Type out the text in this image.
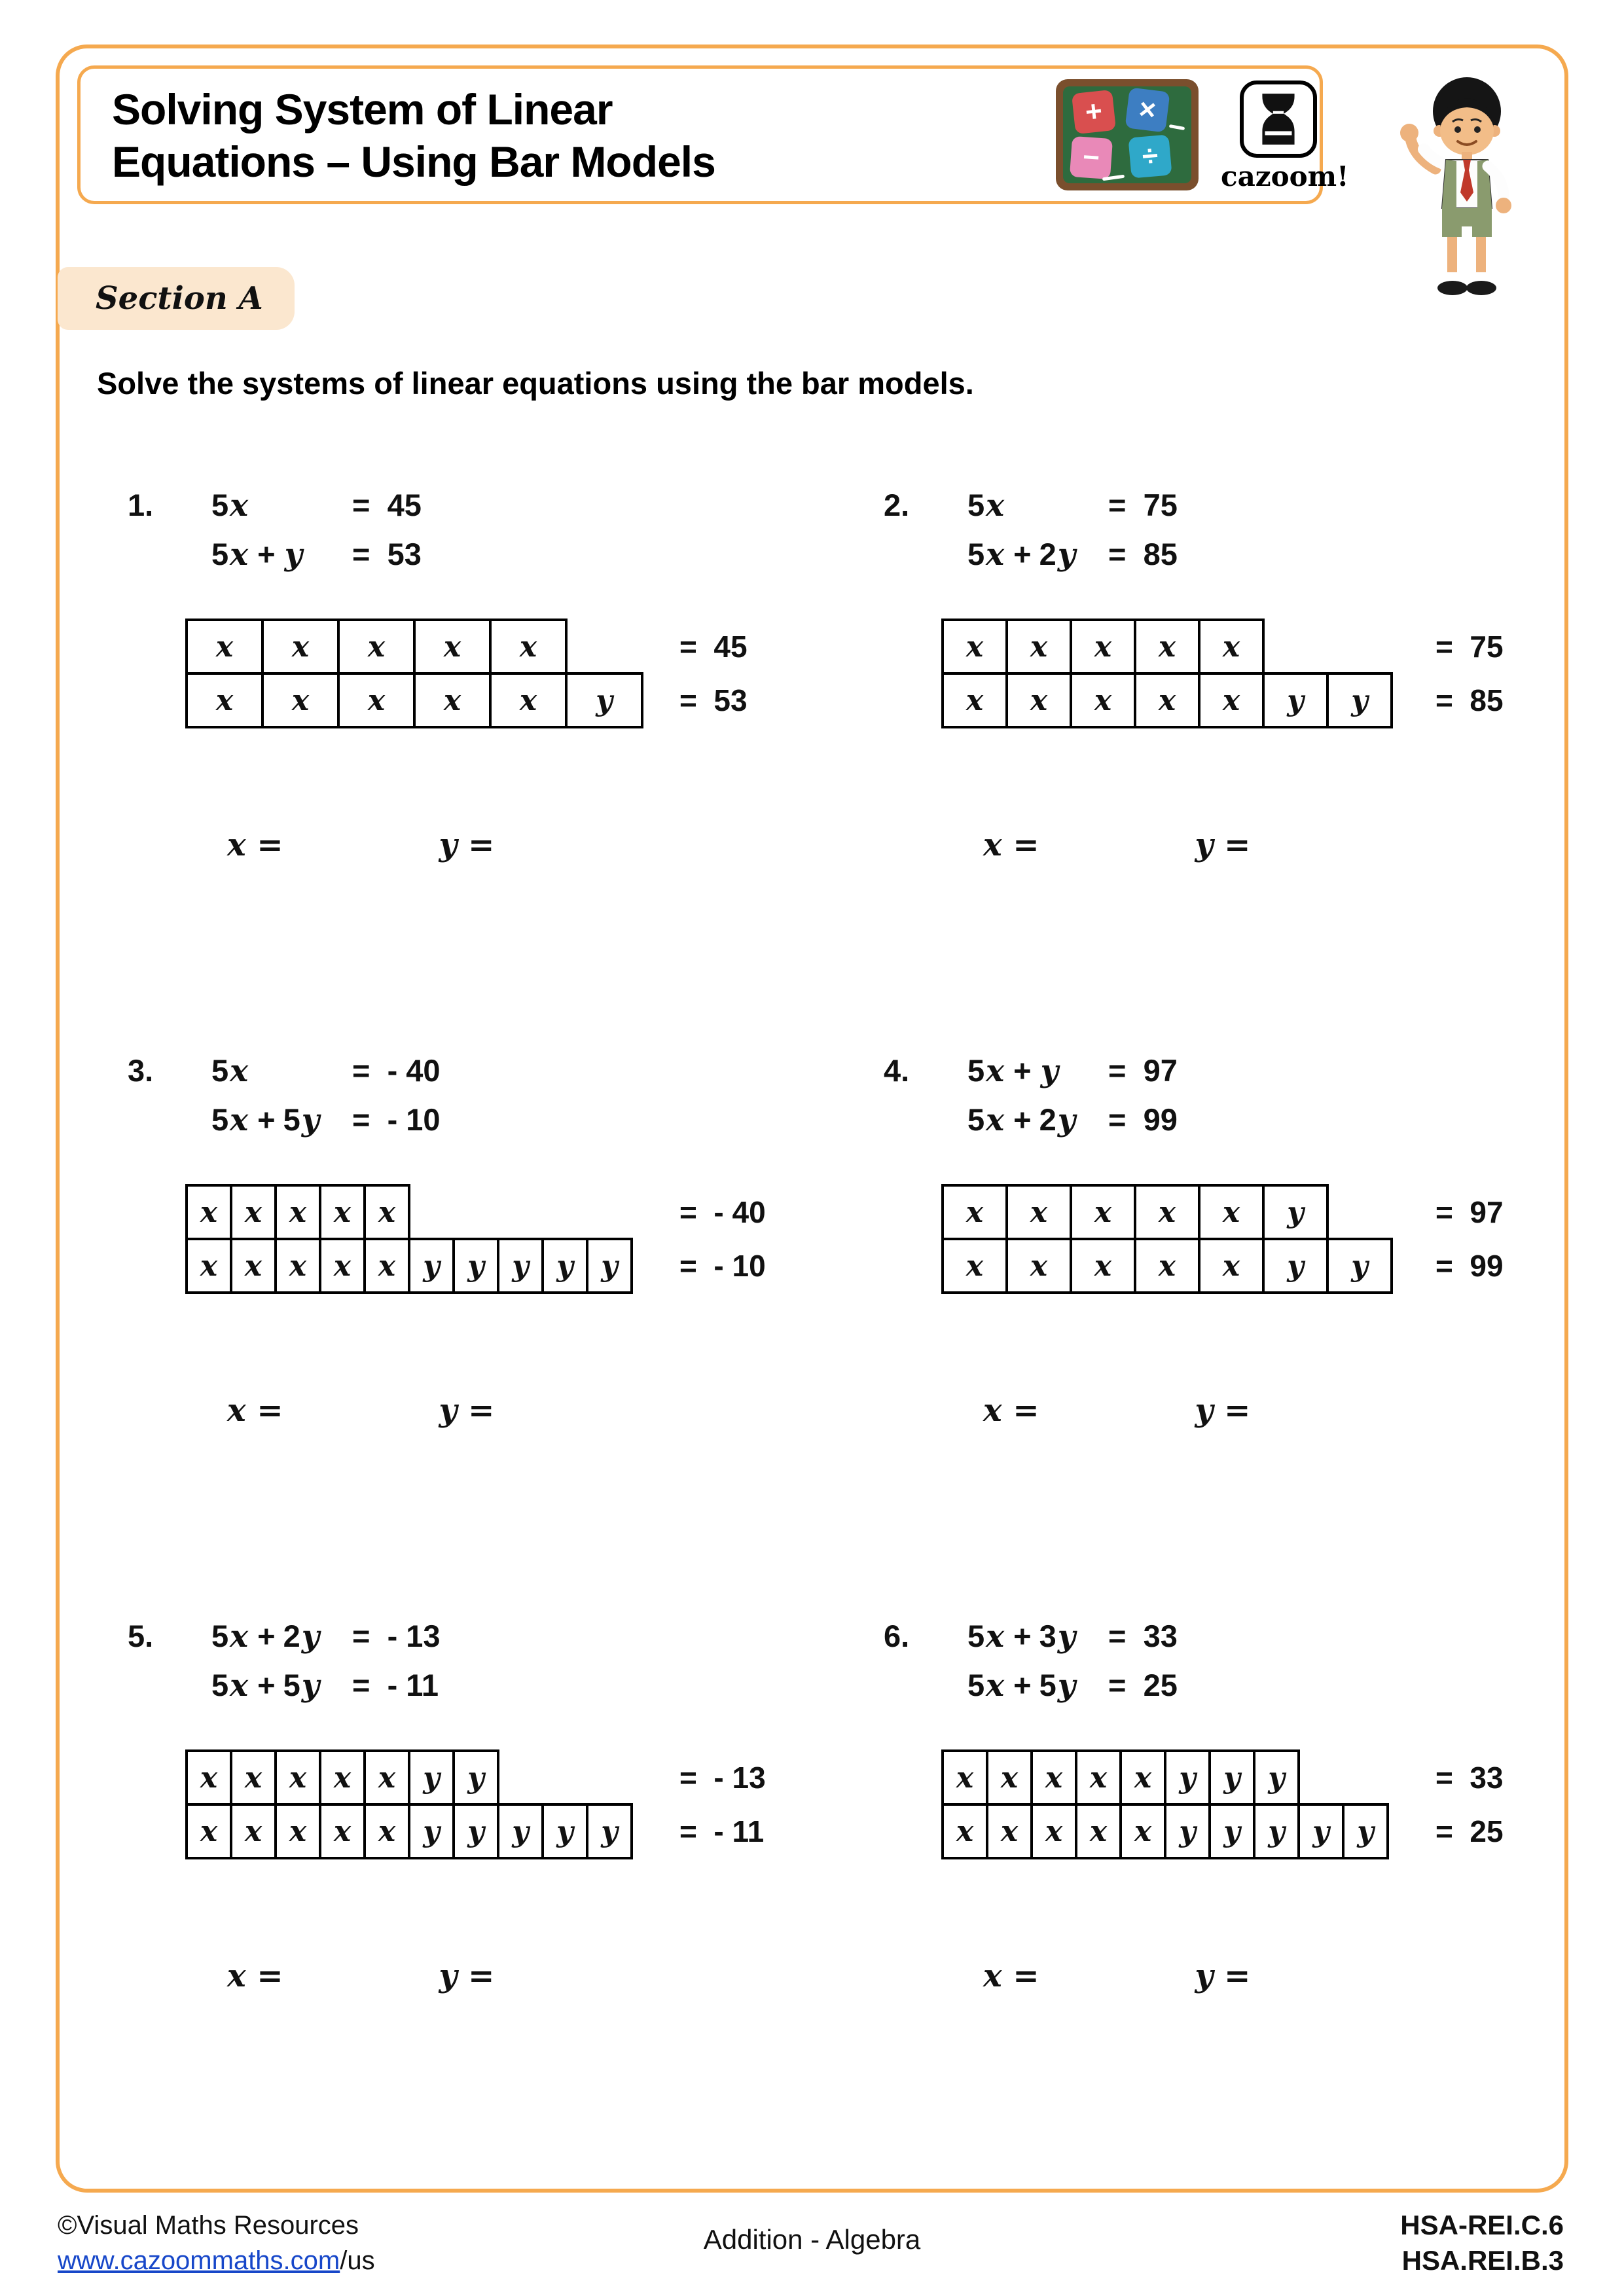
Solving System of Linear
Equations – Using Bar Models
+	×
−	÷
cazoom!
Section A
Solve the systems of linear equations using the bar models.
1.	5x	=  45
5x + y	=  53
x	x	x	x	x	=  45
x	x	x	x	x	y	=  53
x =	y =
2.	5x	=  75
5x + 2y	=  85
x	x	x	x	x	=  75
x	x	x	x	x	y	y	=  85
x =	y =
3.	5x	=  - 40
5x + 5y	=  - 10
x x x x x	=  - 40
x x x x x y y y y y	=  - 10
x =	y =
4.	5x + y	=  97
5x + 2y	=  99
x	x	x	x	x	y	=  97
x	x	x	x	x	y	y	=  99
x =	y =
5.	5x + 2y	=  - 13
5x + 5y	=  - 11
x x x x x y y	=  - 13
x x x x x y y y y y	=  - 11
x =	y =
6.	5x + 3y	=  33
5x + 5y	=  25
x x x x x y y y	=  33
x x x x x y y y y y	=  25
x =	y =
©Visual Maths Resources
www.cazoommaths.com/us
Addition - Algebra	HSA-REI.C.6
HSA.REI.B.3
